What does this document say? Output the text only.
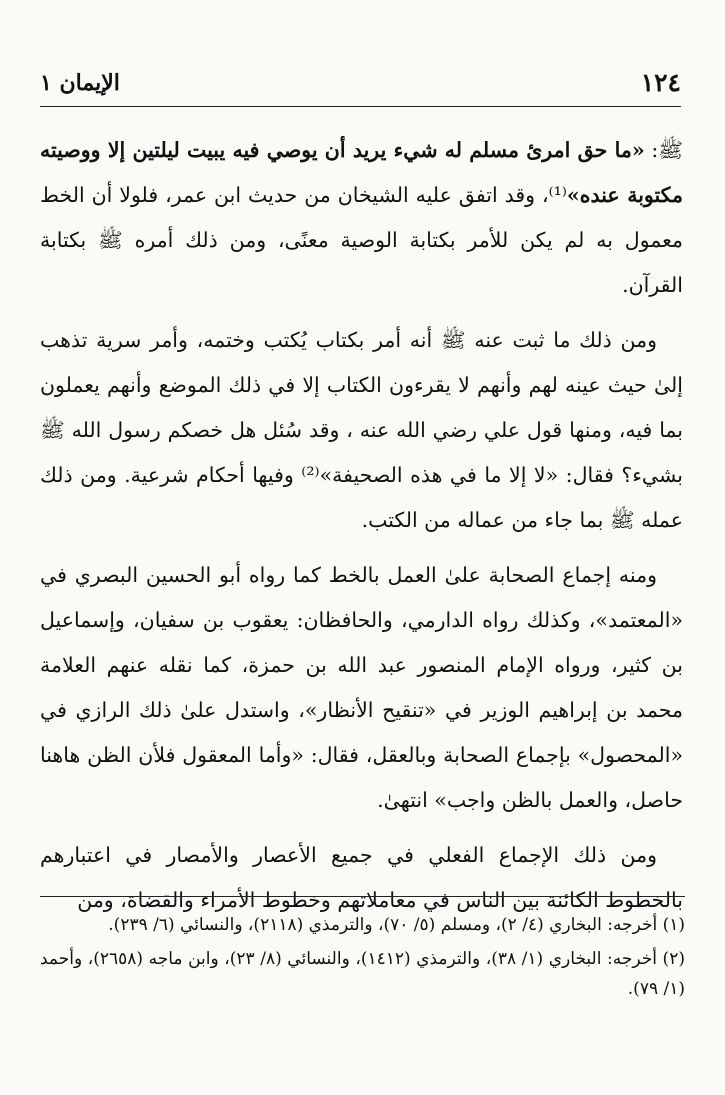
١٢٤
الإيمان ١

ﷺ: «ما حق امرئ مسلم له شيء يريد أن يوصي فيه يبيت ليلتين إلا ووصيته مكتوبة عنده»⁽¹⁾، وقد اتفق عليه الشيخان من حديث ابن عمر، فلولا أن الخط معمول به لم يكن للأمر بكتابة الوصية معنًى، ومن ذلك أمره ﷺ بكتابة القرآن.

ومن ذلك ما ثبت عنه ﷺ أنه أمر بكتاب يُكتب وختمه، وأمر سرية تذهب إلىٰ حيث عينه لهم وأنهم لا يقرءون الكتاب إلا في ذلك الموضع وأنهم يعملون بما فيه، ومنها قول علي رضي الله عنه ، وقد سُئل هل خصكم رسول الله ﷺ بشيء؟ فقال: «لا إلا ما في هذه الصحيفة»⁽²⁾ وفيها أحكام شرعية. ومن ذلك عمله ﷺ بما جاء من عماله من الكتب.

ومنه إجماع الصحابة علىٰ العمل بالخط كما رواه أبو الحسين البصري في «المعتمد»، وكذلك رواه الدارمي، والحافظان: يعقوب بن سفيان، وإسماعيل بن كثير، ورواه الإمام المنصور عبد الله بن حمزة، كما نقله عنهم العلامة محمد بن إبراهيم الوزير في «تنقيح الأنظار»، واستدل علىٰ ذلك الرازي في «المحصول» بإجماع الصحابة وبالعقل، فقال: «وأما المعقول فلأن الظن هاهنا حاصل، والعمل بالظن واجب» انتهىٰ.

ومن ذلك الإجماع الفعلي في جميع الأعصار والأمصار في اعتبارهم بالخطوط الكائنة بين الناس في معاملاتهم وخطوط الأمراء والقضاة، ومن

(١) أخرجه: البخاري (٤/ ٢)، ومسلم (٥/ ٧٠)، والترمذي (٢١١٨)، والنسائي (٦/ ٢٣٩).

(٢) أخرجه: البخاري (١/ ٣٨)، والترمذي (١٤١٢)، والنسائي (٨/ ٢٣)، وابن ماجه (٢٦٥٨)، وأحمد (١/ ٧٩).
